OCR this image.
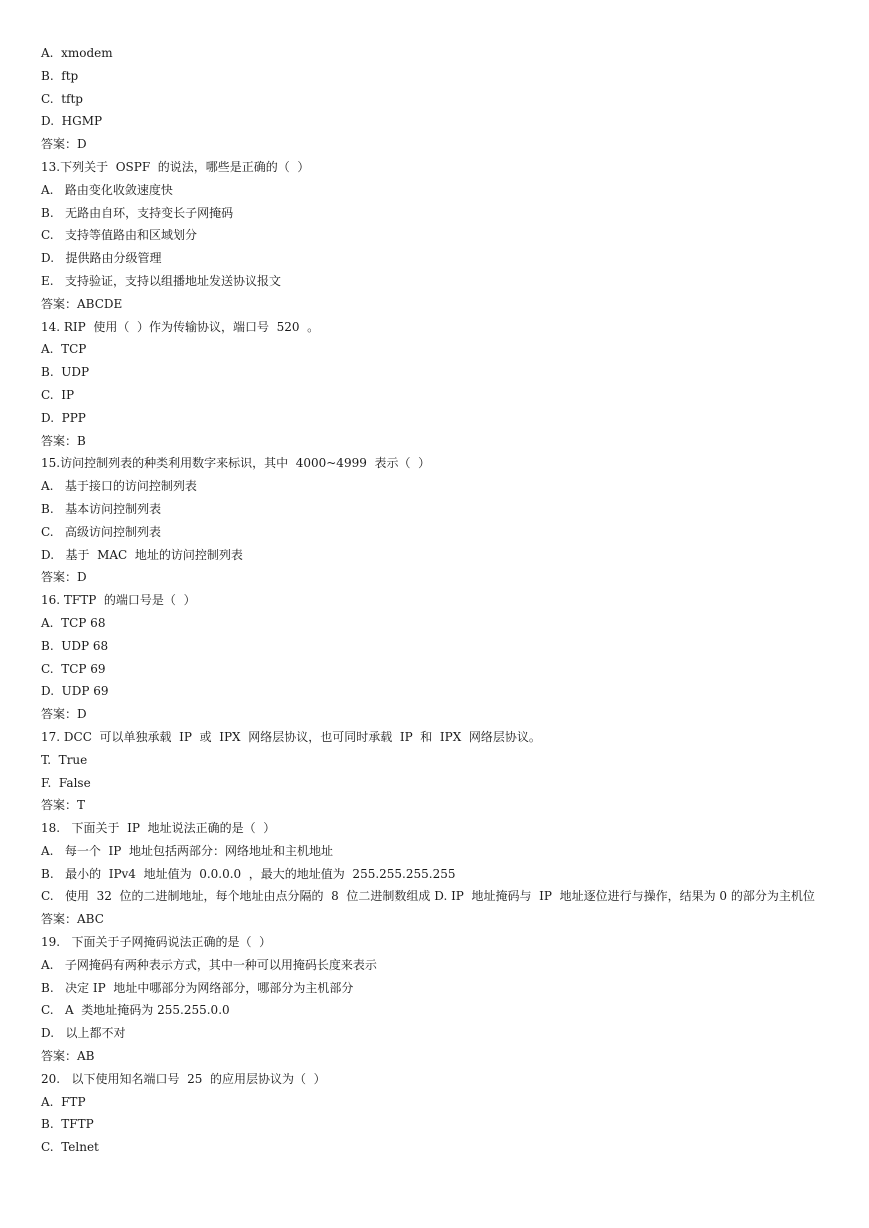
A.  xmodem
B.  ftp
C.  tftp
D.  HGMP
答案：D
13.下列关于  OSPF  的说法，哪些是正确的（  ）
A.   路由变化收敛速度快
B.   无路由自环，支持变长子网掩码
C.   支持等值路由和区域划分
D.   提供路由分级管理
E.   支持验证，支持以组播地址发送协议报文
答案：ABCDE
14. RIP  使用（  ）作为传输协议，端口号  520  。
A.  TCP
B.  UDP
C.  IP
D.  PPP
答案：B
15.访问控制列表的种类利用数字来标识，其中  4000~4999  表示（  ）
A.   基于接口的访问控制列表
B.   基本访问控制列表
C.   高级访问控制列表
D.   基于  MAC  地址的访问控制列表
答案：D
16. TFTP  的端口号是（  ）
A.  TCP 68
B.  UDP 68
C.  TCP 69
D.  UDP 69
答案：D
17. DCC  可以单独承载  IP  或  IPX  网络层协议，也可同时承载  IP  和  IPX  网络层协议。
T.  True
F.  False
答案：T
18.   下面关于  IP  地址说法正确的是（  ）
A.   每一个  IP  地址包括两部分：网络地址和主机地址
B.   最小的  IPv4  地址值为  0.0.0.0  ，最大的地址值为  255.255.255.255
C.   使用  32  位的二进制地址，每个地址由点分隔的  8  位二进制数组成 D. IP  地址掩码与  IP  地址逐位进行与操作，结果为 0 的部分为主机位
答案：ABC
19.   下面关于子网掩码说法正确的是（  ）
A.   子网掩码有两种表示方式，其中一种可以用掩码长度来表示
B.   决定 IP  地址中哪部分为网络部分，哪部分为主机部分
C.   A  类地址掩码为 255.255.0.0
D.   以上都不对
答案：AB
20.   以下使用知名端口号  25  的应用层协议为（  ）
A.  FTP
B.  TFTP
C.  Telnet
